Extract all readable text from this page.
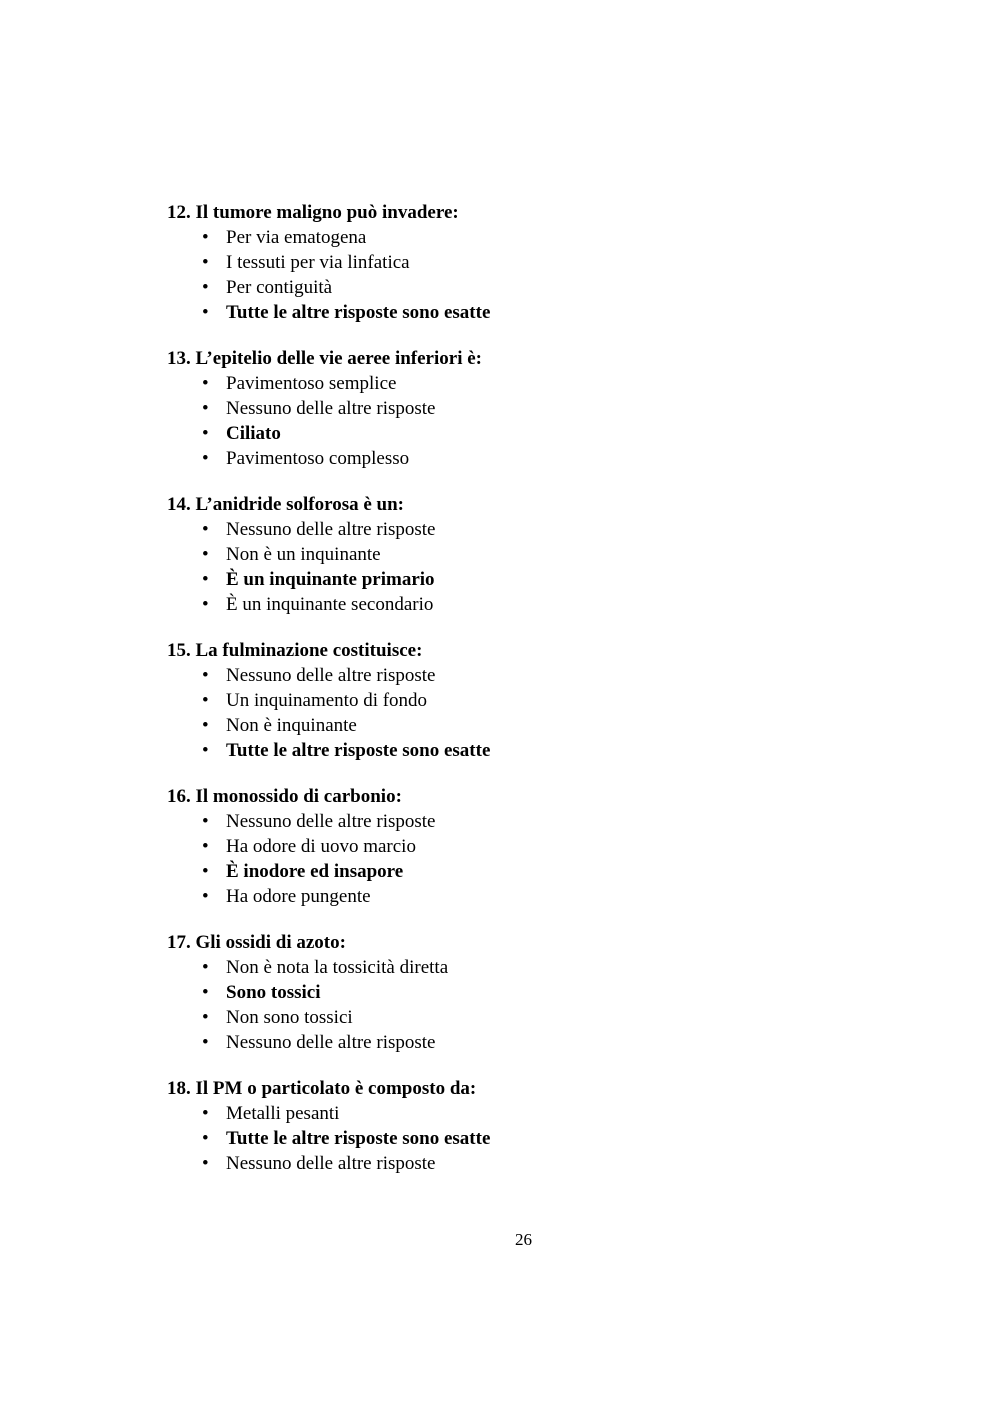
12. Il tumore maligno può invadere:

• Per via ematogena
• I tessuti per via linfatica
• Per contiguità
• Tutte le altre risposte sono esatte

13. L’epitelio delle vie aeree inferiori è:

• Pavimentoso semplice
• Nessuno delle altre risposte
• Ciliato
• Pavimentoso complesso

14. L’anidride solforosa è un:

• Nessuno delle altre risposte
• Non è un inquinante
• È un inquinante primario
• È un inquinante secondario

15. La fulminazione costituisce:

• Nessuno delle altre risposte
• Un inquinamento di fondo
• Non è inquinante
• Tutte le altre risposte sono esatte

16. Il monossido di carbonio:

• Nessuno delle altre risposte
• Ha odore di uovo marcio
• È inodore ed insapore
• Ha odore pungente

17. Gli ossidi di azoto:

• Non è nota la tossicità diretta
• Sono tossici
• Non sono tossici
• Nessuno delle altre risposte

18. Il PM o particolato è composto da:

• Metalli pesanti
• Tutte le altre risposte sono esatte
• Nessuno delle altre risposte
26
